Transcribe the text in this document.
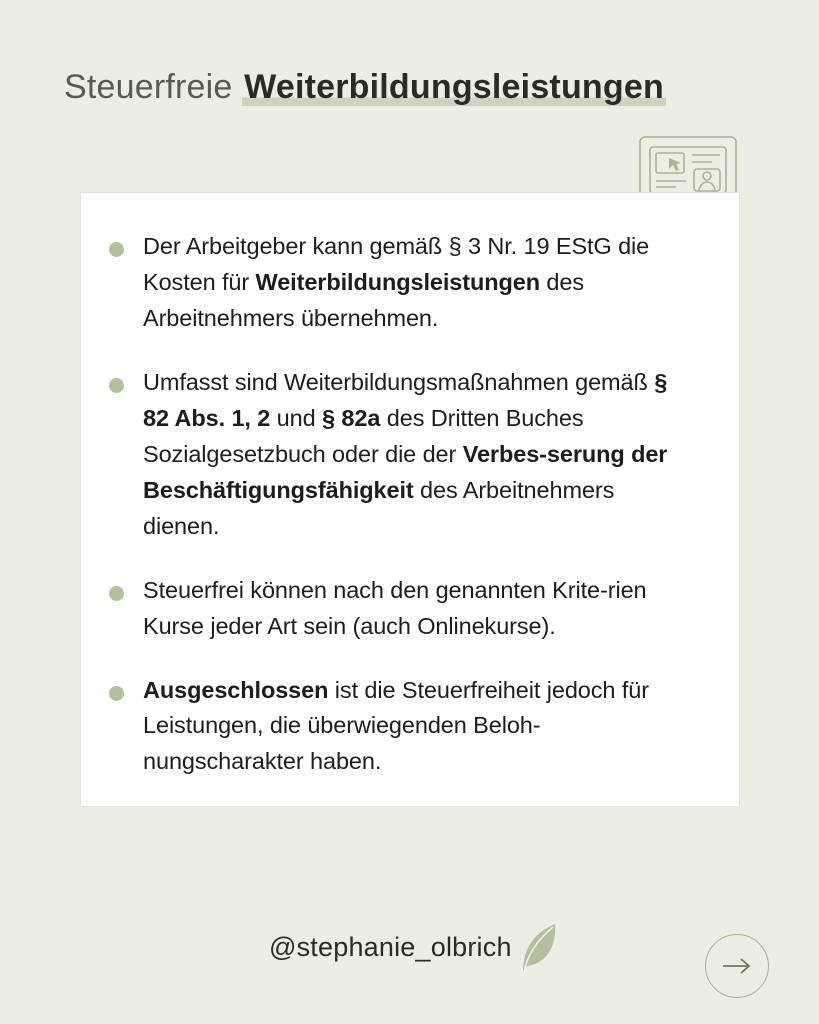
Steuerfreie Weiterbildungsleistungen
Der Arbeitgeber kann gemäß § 3 Nr. 19 EStG die Kosten für Weiterbildungsleistungen des Arbeitnehmers übernehmen.
Umfasst sind Weiterbildungsmaßnahmen gemäß § 82 Abs. 1, 2 und § 82a des Dritten Buches Sozialgesetzbuch oder die der Verbes-serung der Beschäftigungsfähigkeit des Arbeitnehmers dienen.
Steuerfrei können nach den genannten Krite-rien Kurse jeder Art sein (auch Onlinekurse).
Ausgeschlossen ist die Steuerfreiheit jedoch für Leistungen, die überwiegenden Beloh-nungscharakter haben.
@stephanie_olbrich
